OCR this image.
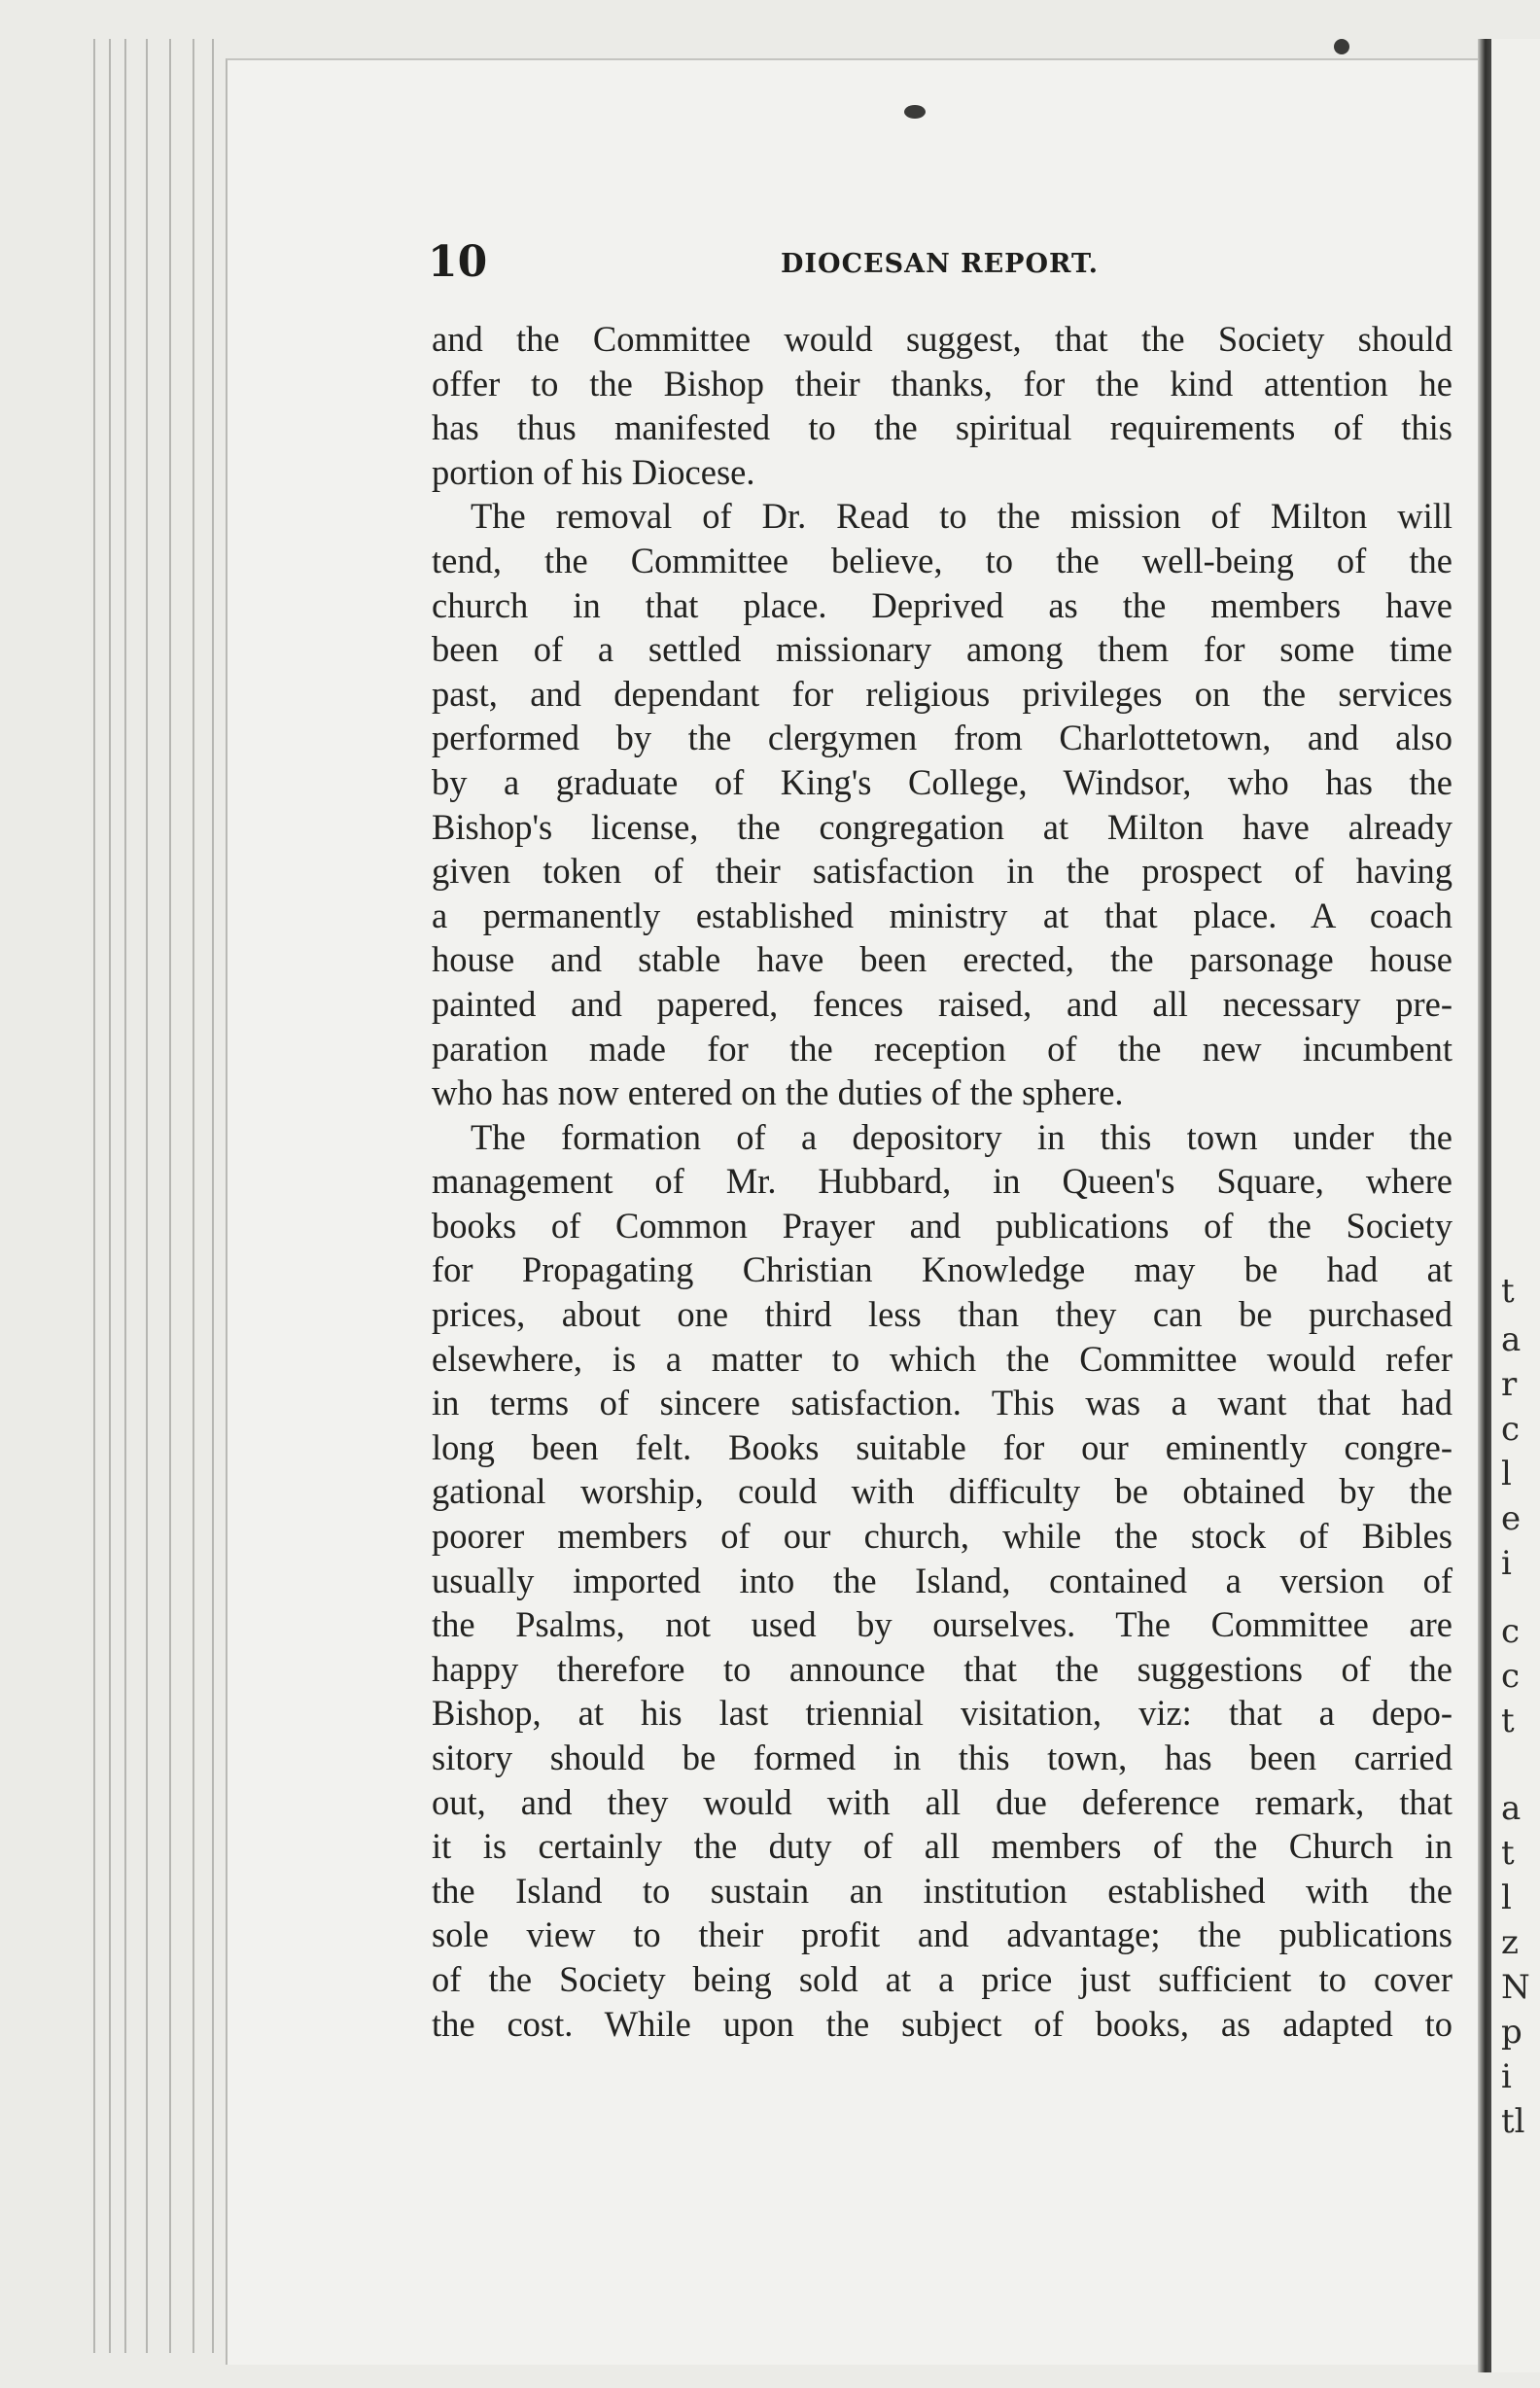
t
a
r
c
l
e
i
c
c
t
a
t
l
z
N
p
i
tl
10	DIOCESAN REPORT.
and the Committee would suggest, that the Society should
offer to the Bishop their thanks, for the kind attention he
has thus manifested to the spiritual requirements of this
portion of his Diocese.
The removal of Dr. Read to the mission of Milton will
tend, the Committee believe, to the well-being of the
church in that place. Deprived as the members have
been of a settled missionary among them for some time
past, and dependant for religious privileges on the services
performed by the clergymen from Charlottetown, and also
by a graduate of King's College, Windsor, who has the
Bishop's license, the congregation at Milton have already
given token of their satisfaction in the prospect of having
a permanently established ministry at that place. A coach
house and stable have been erected, the parsonage house
painted and papered, fences raised, and all necessary pre-
paration made for the reception of the new incumbent
who has now entered on the duties of the sphere.
The formation of a depository in this town under the
management of Mr. Hubbard, in Queen's Square, where
books of Common Prayer and publications of the Society
for Propagating Christian Knowledge may be had at
prices, about one third less than they can be purchased
elsewhere, is a matter to which the Committee would refer
in terms of sincere satisfaction. This was a want that had
long been felt. Books suitable for our eminently congre-
gational worship, could with difficulty be obtained by the
poorer members of our church, while the stock of Bibles
usually imported into the Island, contained a version of
the Psalms, not used by ourselves. The Committee are
happy therefore to announce that the suggestions of the
Bishop, at his last triennial visitation, viz: that a depo-
sitory should be formed in this town, has been carried
out, and they would with all due deference remark, that
it is certainly the duty of all members of the Church in
the Island to sustain an institution established with the
sole view to their profit and advantage; the publications
of the Society being sold at a price just sufficient to cover
the cost. While upon the subject of books, as adapted to
